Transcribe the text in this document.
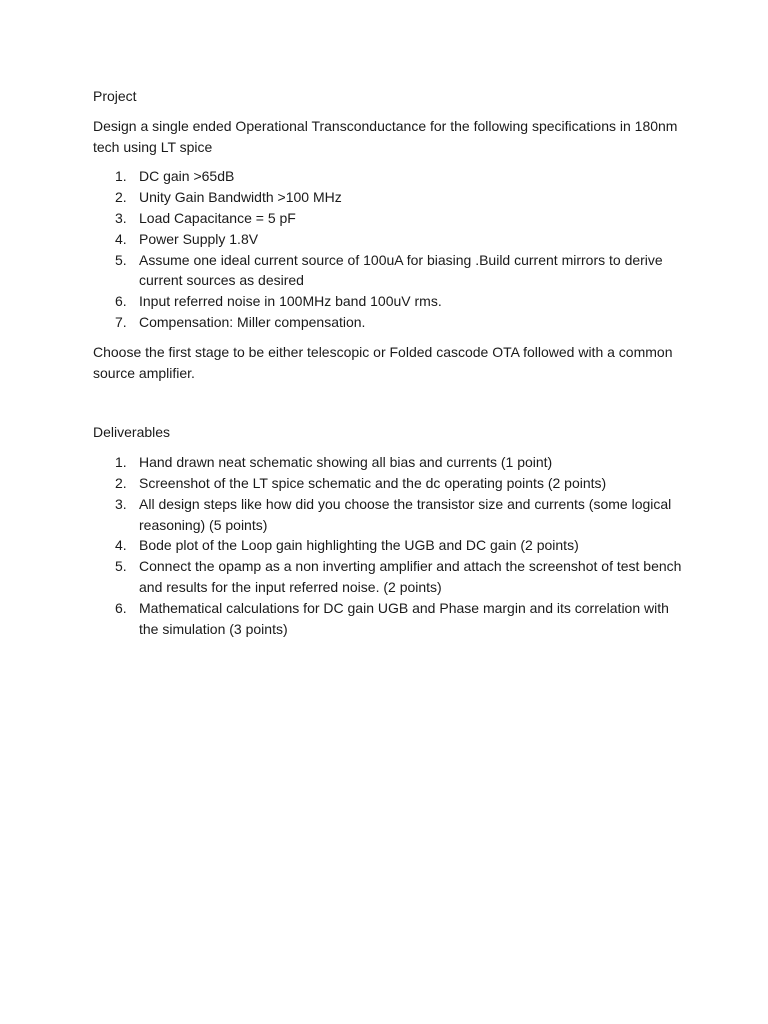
Project

Design a single ended Operational Transconductance for the following specifications in 180nm tech using LT spice

1. DC gain >65dB
2. Unity Gain Bandwidth >100 MHz
3. Load Capacitance = 5 pF
4. Power Supply 1.8V
5. Assume one ideal current source of 100uA for biasing .Build current mirrors to derive current sources as desired
6. Input referred noise in 100MHz band 100uV rms.
7. Compensation: Miller compensation.

Choose the first stage to be either telescopic or Folded cascode OTA followed with a common source amplifier.

Deliverables

1. Hand drawn neat schematic showing all bias and currents (1 point)
2. Screenshot of the LT spice schematic and the dc operating points (2 points)
3. All design steps like how did you choose the transistor size and currents (some logical reasoning) (5 points)
4. Bode plot of the Loop gain highlighting the UGB and DC gain (2 points)
5. Connect the opamp as a non inverting amplifier and attach the screenshot of test bench and results for the input referred noise. (2 points)
6. Mathematical calculations for DC gain UGB and Phase margin and its correlation with the simulation (3 points)
